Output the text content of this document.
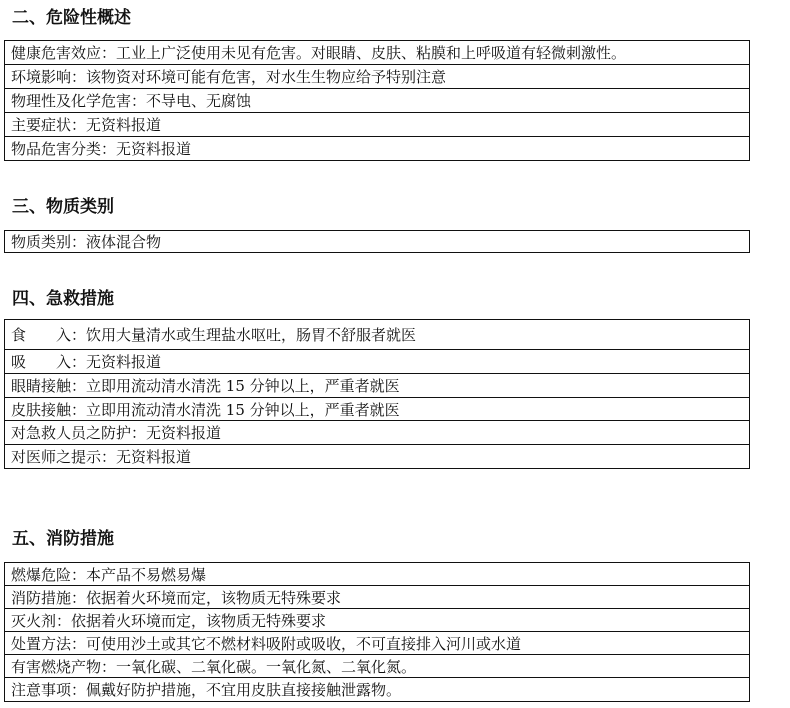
二、危险性概述
健康危害效应：工业上广泛使用未见有危害。对眼睛、皮肤、粘膜和上呼吸道有轻微刺激性。
环境影响：该物资对环境可能有危害，对水生生物应给予特别注意
物理性及化学危害：不导电、无腐蚀
主要症状：无资料报道
物品危害分类：无资料报道
三、物质类别
物质类别：液体混合物
四、急救措施
食　　入：饮用大量清水或生理盐水呕吐，肠胃不舒服者就医
吸　　入：无资料报道
眼睛接触：立即用流动清水清洗 15 分钟以上，严重者就医
皮肤接触：立即用流动清水清洗 15 分钟以上，严重者就医
对急救人员之防护：无资料报道
对医师之提示：无资料报道
五、消防措施
燃爆危险：本产品不易燃易爆
消防措施：依据着火环境而定，该物质无特殊要求
灭火剂：依据着火环境而定，该物质无特殊要求
处置方法：可使用沙土或其它不燃材料吸附或吸收，不可直接排入河川或水道
有害燃烧产物：一氧化碳、二氧化碳。一氧化氮、二氧化氮。
注意事项：佩戴好防护措施，不宜用皮肤直接接触泄露物。
